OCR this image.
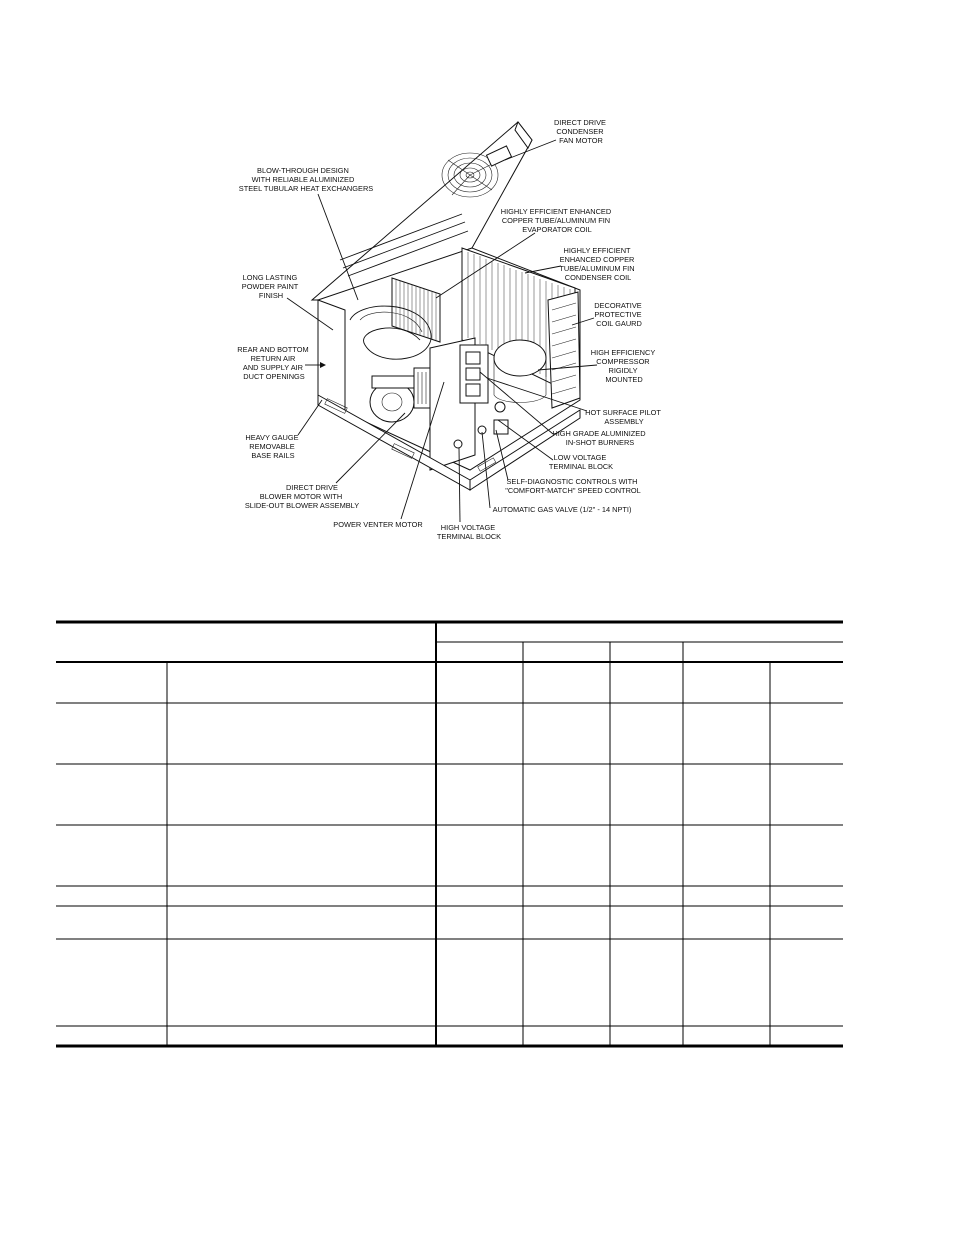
DIRECT DRIVE CONDENSER FAN MOTOR
BLOW-THROUGH DESIGN WITH RELIABLE ALUMINIZED STEEL TUBULAR HEAT EXCHANGERS
HIGHLY EFFICIENT ENHANCED COPPER TUBE/ALUMINUM FIN EVAPORATOR COIL
HIGHLY EFFICIENT ENHANCED COPPER TUBE/ALUMINUM FIN CONDENSER COIL
LONG LASTING POWDER PAINT FINISH
DECORATIVE PROTECTIVE COIL GAURD
REAR AND BOTTOM RETURN AIR AND SUPPLY AIR DUCT OPENINGS
HIGH EFFICIENCY COMPRESSOR RIGIDLY MOUNTED
HOT SURFACE PILOT ASSEMBLY
HEAVY GAUGE REMOVABLE BASE RAILS
HIGH GRADE ALUMINIZED IN-SHOT BURNERS
LOW VOLTAGE TERMINAL BLOCK
SELF-DIAGNOSTIC CONTROLS WITH "COMFORT-MATCH" SPEED CONTROL
DIRECT DRIVE BLOWER MOTOR WITH SLIDE-OUT BLOWER ASSEMBLY	AUTOMATIC GAS VALVE (1/2" - 14 NPTI)
POWER VENTER MOTOR	HIGH VOLTAGE TERMINAL BLOCK
